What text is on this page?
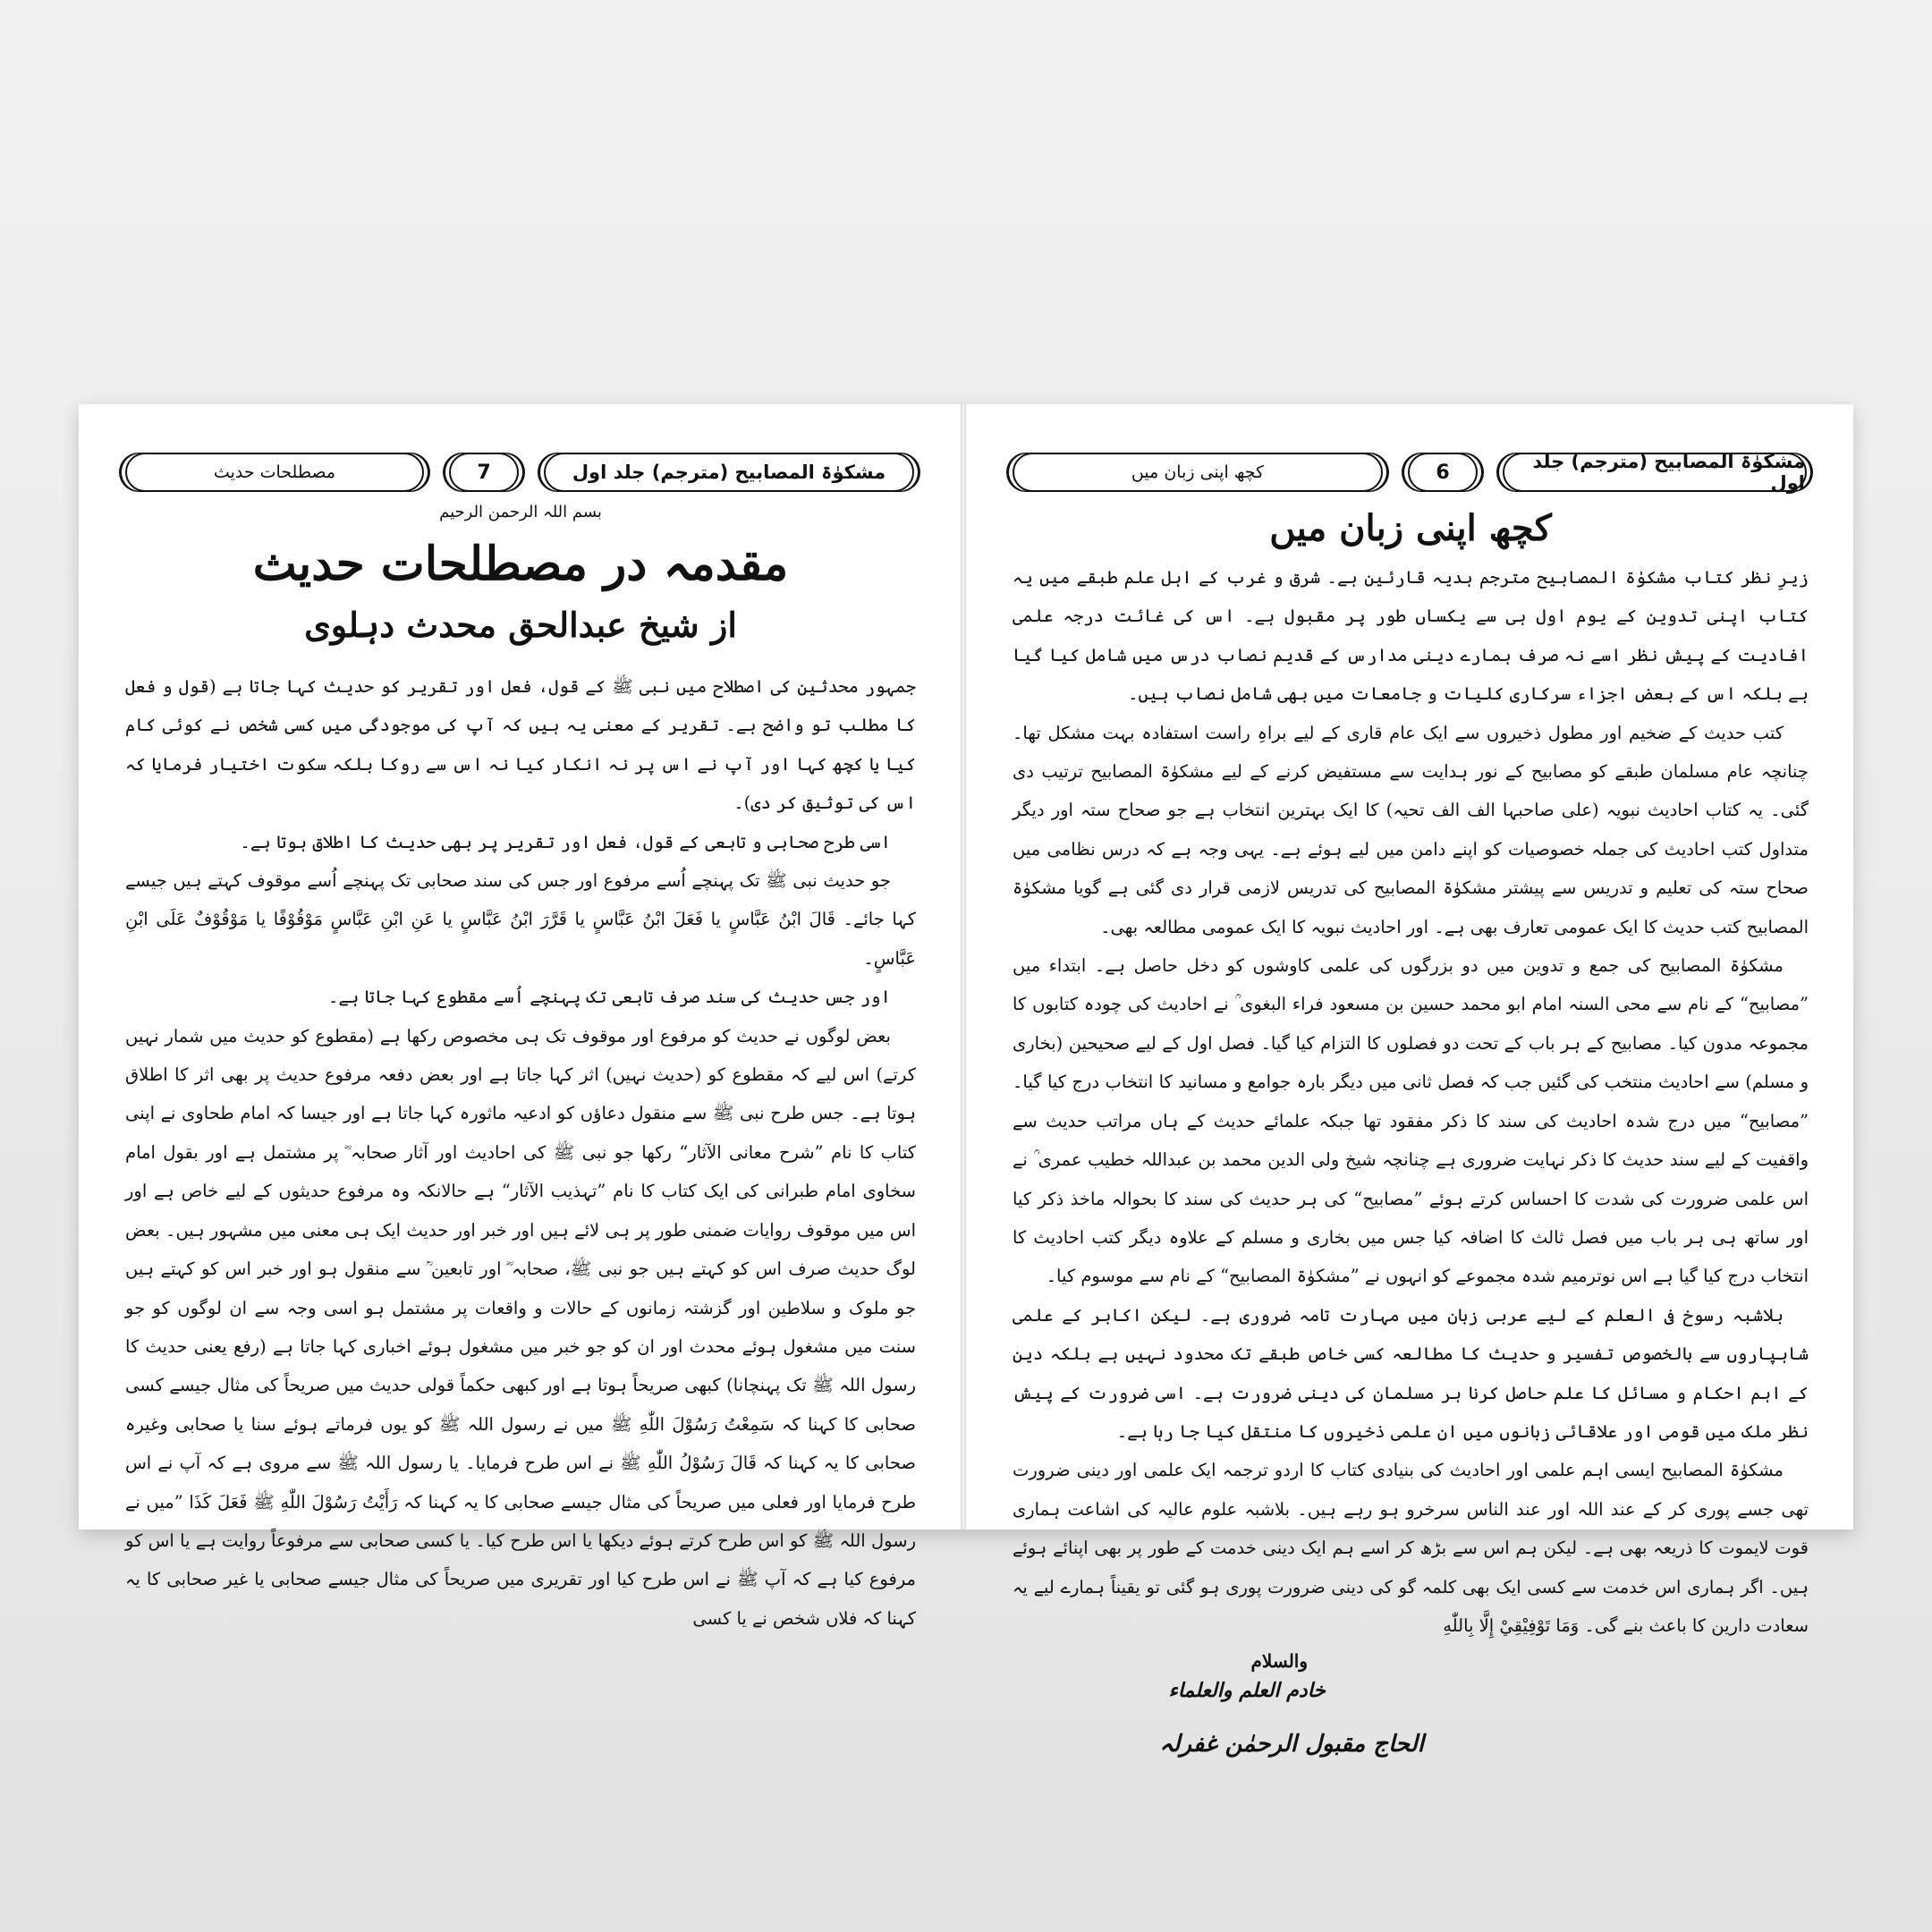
مصطلحات حدیث	7	مشکوٰۃ المصابیح (مترجم) جلد اول
بسم اللہ الرحمن الرحیم
مقدمہ در مصطلحات حدیث
از شیخ عبدالحق محدث دہلوی

جمہور محدثین کی اصطلاح میں نبی ﷺ کے قول، فعل اور تقریر کو حدیث کہا جاتا ہے (قول و فعل کا مطلب تو واضح ہے۔ تقریر کے معنی یہ ہیں کہ آپ کی موجودگی میں کسی شخص نے کوئی کام کیا یا کچھ کہا اور آپ نے اس پر نہ انکار کیا نہ اس سے روکا بلکہ سکوت اختیار فرمایا کہ اس کی توثیق کر دی)۔

اسی طرح صحابی و تابعی کے قول، فعل اور تقریر پر بھی حدیث کا اطلاق ہوتا ہے۔

جو حدیث نبی ﷺ تک پہنچے اُسے مرفوع اور جس کی سند صحابی تک پہنچے اُسے موقوف کہتے ہیں جیسے کہا جائے۔ قَالَ ابْنُ عَبَّاسٍ یا فَعَلَ ابْنُ عَبَّاسٍ یا قَرَّرَ ابْنُ عَبَّاسٍ یا عَنِ ابْنِ عَبَّاسٍ مَوْقُوْفًا یا مَوْقُوْفٌ عَلَى ابْنِ عَبَّاسٍ۔

اور جس حدیث کی سند صرف تابعی تک پہنچے اُسے مقطوع کہا جاتا ہے۔

بعض لوگوں نے حدیث کو مرفوع اور موقوف تک ہی مخصوص رکھا ہے (مقطوع کو حدیث میں شمار نہیں کرتے) اس لیے کہ مقطوع کو (حدیث نہیں) اثر کہا جاتا ہے اور بعض دفعہ مرفوع حدیث پر بھی اثر کا اطلاق ہوتا ہے۔ جس طرح نبی ﷺ سے منقول دعاؤں کو ادعیہ ماثورہ کہا جاتا ہے اور جیسا کہ امام طحاوی نے اپنی کتاب کا نام ”شرح معانی الآثار“ رکھا جو نبی ﷺ کی احادیث اور آثار صحابہ ؓ پر مشتمل ہے اور بقول امام سخاوی امام طبرانی کی ایک کتاب کا نام ”تہذیب الآثار“ ہے حالانکہ وہ مرفوع حدیثوں کے لیے خاص ہے اور اس میں موقوف روایات ضمنی طور پر ہی لائے ہیں اور خبر اور حدیث ایک ہی معنی میں مشہور ہیں۔ بعض لوگ حدیث صرف اس کو کہتے ہیں جو نبی ﷺ، صحابہ ؓ اور تابعین ؒ سے منقول ہو اور خبر اس کو کہتے ہیں جو ملوک و سلاطین اور گزشتہ زمانوں کے حالات و واقعات پر مشتمل ہو اسی وجہ سے ان لوگوں کو جو سنت میں مشغول ہوئے محدث اور ان کو جو خبر میں مشغول ہوئے اخباری کہا جاتا ہے (رفع یعنی حدیث کا رسول اللہ ﷺ تک پہنچانا) کبھی صریحاً ہوتا ہے اور کبھی حکماً قولی حدیث میں صریحاً کی مثال جیسے کسی صحابی کا کہنا کہ سَمِعْتُ رَسُوْلَ اللّٰهِ ﷺ میں نے رسول اللہ ﷺ کو یوں فرماتے ہوئے سنا یا صحابی وغیرہ صحابی کا یہ کہنا کہ قَالَ رَسُوْلُ اللّٰهِ ﷺ نے اس طرح فرمایا۔ یا رسول اللہ ﷺ سے مروی ہے کہ آپ نے اس طرح فرمایا اور فعلی میں صریحاً کی مثال جیسے صحابی کا یہ کہنا کہ رَأَيْتُ رَسُوْلَ اللّٰهِ ﷺ فَعَلَ كَذَا ”میں نے رسول اللہ ﷺ کو اس طرح کرتے ہوئے دیکھا یا اس طرح کیا۔ یا کسی صحابی سے مرفوعاً روایت ہے یا اس کو مرفوع کیا ہے کہ آپ ﷺ نے اس طرح کیا اور تقریری میں صریحاً کی مثال جیسے صحابی یا غیر صحابی کا یہ کہنا کہ فلاں شخص نے یا کسی

کچھ اپنی زبان میں	6	مشکوٰۃ المصابیح (مترجم) جلد اول
کچھ اپنی زبان میں

زیرِ نظر کتاب مشکوٰۃ المصابیح مترجم ہدیہ قارئین ہے۔ شرق و غرب کے اہل علم طبقے میں یہ کتاب اپنی تدوین کے یوم اول ہی سے یکساں طور پر مقبول ہے۔ اس کی غائت درجہ علمی افادیت کے پیش نظر اسے نہ صرف ہمارے دینی مدارس کے قدیم نصاب درس میں شامل کیا گیا ہے بلکہ اس کے بعض اجزاء سرکاری کلیات و جامعات میں بھی شامل نصاب ہیں۔

کتب حدیث کے ضخیم اور مطول ذخیروں سے ایک عام قاری کے لیے براہِ راست استفادہ بہت مشکل تھا۔ چنانچہ عام مسلمان طبقے کو مصابیح کے نور ہدایت سے مستفیض کرنے کے لیے مشکوٰۃ المصابیح ترتیب دی گئی۔ یہ کتاب احادیث نبویہ (علی صاحبہا الف الف تحیہ) کا ایک بہترین انتخاب ہے جو صحاح ستہ اور دیگر متداول کتب احادیث کی جملہ خصوصیات کو اپنے دامن میں لیے ہوئے ہے۔ یہی وجہ ہے کہ درس نظامی میں صحاح ستہ کی تعلیم و تدریس سے پیشتر مشکوٰۃ المصابیح کی تدریس لازمی قرار دی گئی ہے گویا مشکوٰۃ المصابیح کتب حدیث کا ایک عمومی تعارف بھی ہے۔ اور احادیث نبویہ کا ایک عمومی مطالعہ بھی۔

مشکوٰۃ المصابیح کی جمع و تدوین میں دو بزرگوں کی علمی کاوشوں کو دخل حاصل ہے۔ ابتداء میں ”مصابیح“ کے نام سے محی السنہ امام ابو محمد حسین بن مسعود فراء البغوی ؒ نے احادیث کی چودہ کتابوں کا مجموعہ مدون کیا۔ مصابیح کے ہر باب کے تحت دو فصلوں کا التزام کیا گیا۔ فصل اول کے لیے صحیحین (بخاری و مسلم) سے احادیث منتخب کی گئیں جب کہ فصل ثانی میں دیگر بارہ جوامع و مسانید کا انتخاب درج کیا گیا۔ ”مصابیح“ میں درج شدہ احادیث کی سند کا ذکر مفقود تھا جبکہ علمائے حدیث کے ہاں مراتب حدیث سے واقفیت کے لیے سند حدیث کا ذکر نہایت ضروری ہے چنانچہ شیخ ولی الدین محمد بن عبداللہ خطیب عمری ؒ نے اس علمی ضرورت کی شدت کا احساس کرتے ہوئے ”مصابیح“ کی ہر حدیث کی سند کا بحوالہ ماخذ ذکر کیا اور ساتھ ہی ہر باب میں فصل ثالث کا اضافہ کیا جس میں بخاری و مسلم کے علاوہ دیگر کتب احادیث کا انتخاب درج کیا گیا ہے اس نوترمیم شدہ مجموعے کو انہوں نے ”مشکوٰۃ المصابیح“ کے نام سے موسوم کیا۔

بلاشبہ رسوخ فی العلم کے لیے عربی زبان میں مہارت تامہ ضروری ہے۔ لیکن اکابر کے علمی شاہپاروں سے بالخصوص تفسیر و حدیث کا مطالعہ کسی خاص طبقے تک محدود نہیں ہے بلکہ دین کے اہم احکام و مسائل کا علم حاصل کرنا ہر مسلمان کی دینی ضرورت ہے۔ اسی ضرورت کے پیش نظر ملک میں قومی اور علاقائی زبانوں میں ان علمی ذخیروں کا منتقل کیا جا رہا ہے۔

مشکوٰۃ المصابیح ایسی اہم علمی اور احادیث کی بنیادی کتاب کا اردو ترجمہ ایک علمی اور دینی ضرورت تھی جسے پوری کر کے عند اللہ اور عند الناس سرخرو ہو رہے ہیں۔ بلاشبہ علوم عالیہ کی اشاعت ہماری قوت لایموت کا ذریعہ بھی ہے۔ لیکن ہم اس سے بڑھ کر اسے ہم ایک دینی خدمت کے طور پر بھی اپنائے ہوئے ہیں۔ اگر ہماری اس خدمت سے کسی ایک بھی کلمہ گو کی دینی ضرورت پوری ہو گئی تو یقیناً ہمارے لیے یہ سعادت دارین کا باعث بنے گی۔ وَمَا تَوْفِيْقِيْ إِلَّا بِاللّٰهِ

والسلام
خادم العلم والعلماء
الحاج مقبول الرحمٰن غفرلہ
